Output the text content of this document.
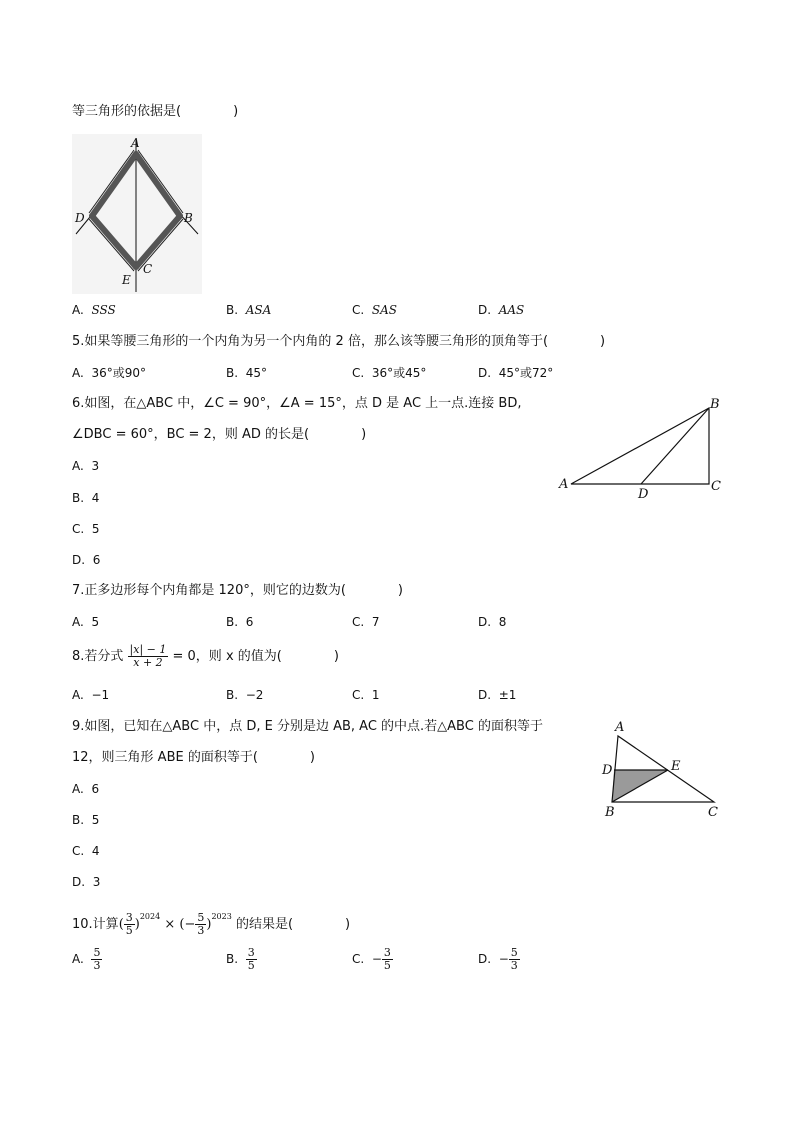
等三角形的依据是(　　　　)
A
D	B
C
E
A. SSS	B. ASA	C. SAS	D. AAS
5.如果等腰三角形的一个内角为另一个内角的 2 倍，那么该等腰三角形的顶角等于(　　　　)
A. 36°或90°	B. 45°	C. 36°或45°	D. 45°或72°
6.如图，在△ABC 中，∠C = 90°，∠A = 15°，点 D 是 AC 上一点.连接 BD,
∠DBC = 60°，BC = 2，则 AD 的长是(　　　　)
A. 3
B. 4
C. 5
D. 6
A
B
C
D
7.正多边形每个内角都是 120°，则它的边数为(　　　　)
A. 5	B. 6	C. 7	D. 8
8.若分式 $\frac{|x| - 1}{x + 2} = 0$，则 x 的值为(　　　　)
A. −1	B. −2	C. 1	D. ±1
9.如图，已知在△ABC 中，点 D, E 分别是边 AB, AC 的中点.若△ABC 的面积等于
12，则三角形 ABE 的面积等于(　　　　)
A. 6
B. 5
C. 4
D. 3
A
D	E
B	C
10.计算( $\frac{3}{5} )^{2024}$ × (− $\frac{5}{3} )^{2023}$ 的结果是(　　　　)
A. $\frac{5}{3}$	B. $\frac{3}{5}$	C. − $\frac{3}{5}$	D. − $\frac{5}{3}$
